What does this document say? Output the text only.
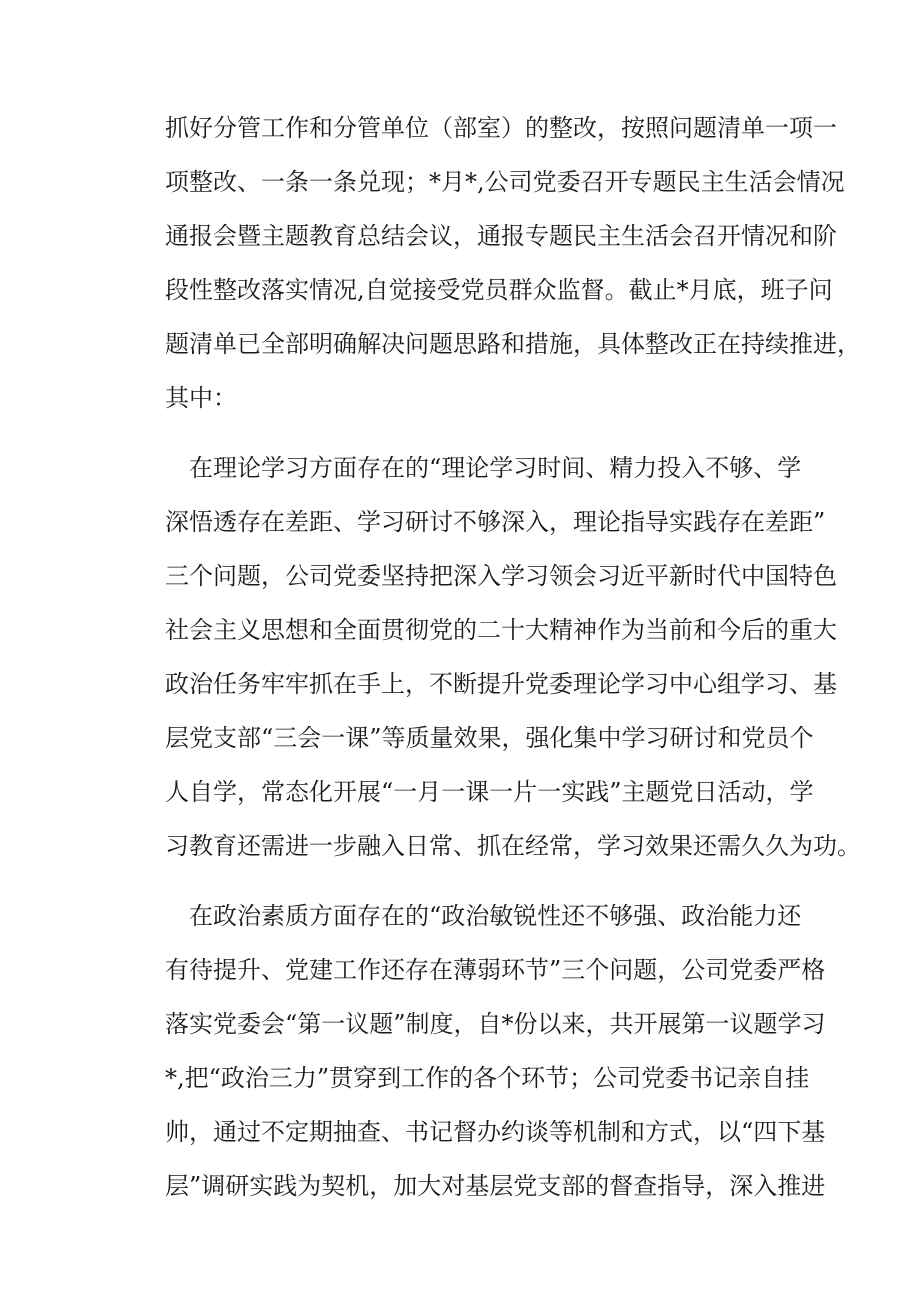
抓好分管工作和分管单位（部室）的整改，按照问题清单一项一

项整改、一条一条兑现；*月*,公司党委召开专题民主生活会情况

通报会暨主题教育总结会议，通报专题民主生活会召开情况和阶

段性整改落实情况,自觉接受党员群众监督。截止*月底，班子问

题清单已全部明确解决问题思路和措施，具体整改正在持续推进，

其中：

在理论学习方面存在的“理论学习时间、精力投入不够、学

深悟透存在差距、学习研讨不够深入，理论指导实践存在差距”

三个问题，公司党委坚持把深入学习领会习近平新时代中国特色

社会主义思想和全面贯彻党的二十大精神作为当前和今后的重大

政治任务牢牢抓在手上，不断提升党委理论学习中心组学习、基

层党支部“三会一课”等质量效果，强化集中学习研讨和党员个

人自学，常态化开展“一月一课一片一实践”主题党日活动，学

习教育还需进一步融入日常、抓在经常，学习效果还需久久为功。

在政治素质方面存在的“政治敏锐性还不够强、政治能力还

有待提升、党建工作还存在薄弱环节”三个问题，公司党委严格

落实党委会“第一议题”制度，自*份以来，共开展第一议题学习

*,把“政治三力”贯穿到工作的各个环节；公司党委书记亲自挂

帅，通过不定期抽查、书记督办约谈等机制和方式，以“四下基

层”调研实践为契机，加大对基层党支部的督查指导，深入推进
